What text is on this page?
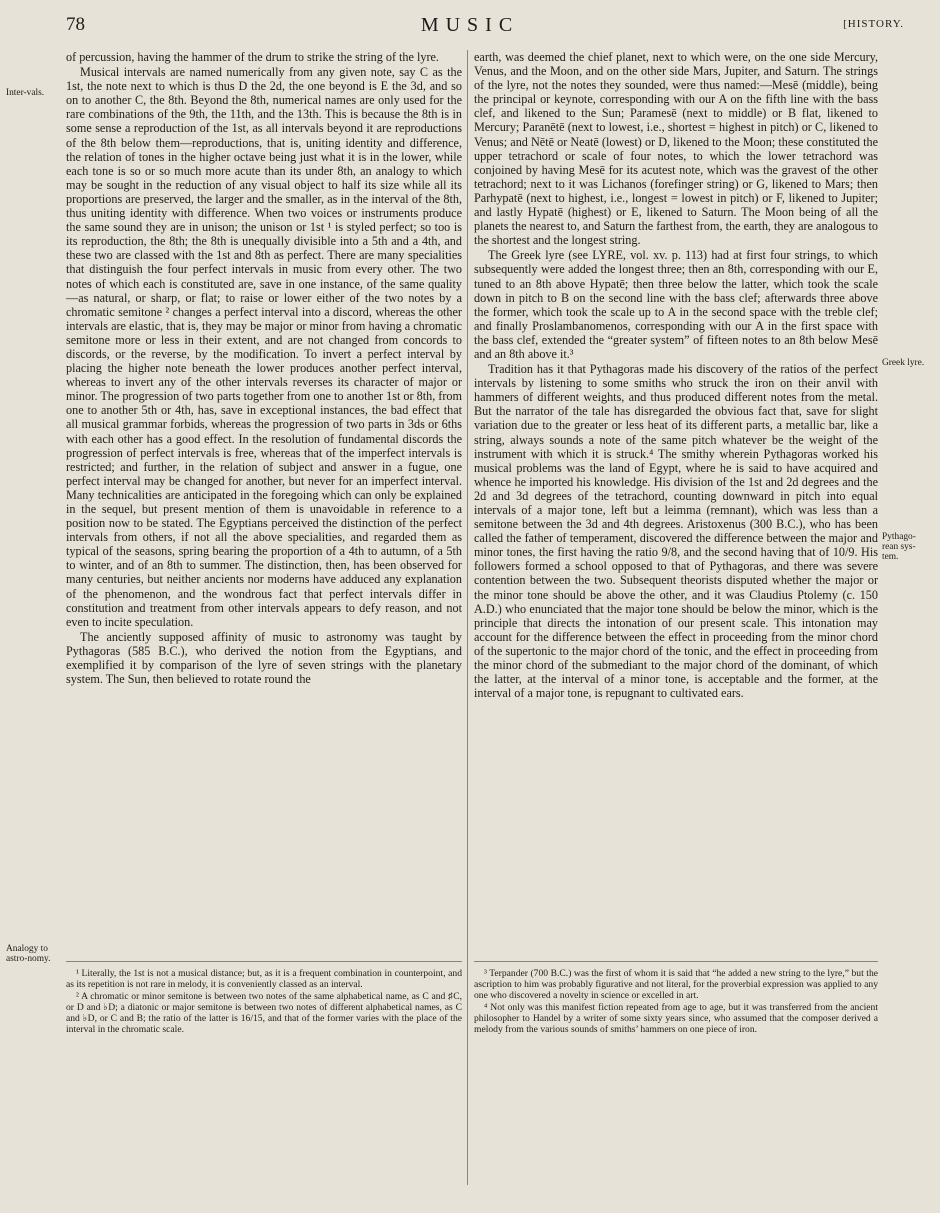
78	MUSIC	[HISTORY.
Inter-vals.
Analogy to astro-nomy.
Greek lyre.
Pythago-rean sys-tem.

of percussion, having the hammer of the drum to strike the string of the lyre.

Musical intervals are named numerically from any given note, say C as the 1st, the note next to which is thus D the 2d, the one beyond is E the 3d, and so on to another C, the 8th. Beyond the 8th, numerical names are only used for the rare combinations of the 9th, the 11th, and the 13th. This is because the 8th is in some sense a reproduction of the 1st, as all intervals beyond it are reproductions of the 8th below them—reproductions, that is, uniting identity and difference, the relation of tones in the higher octave being just what it is in the lower, while each tone is so or so much more acute than its under 8th, an analogy to which may be sought in the reduction of any visual object to half its size while all its proportions are preserved, the larger and the smaller, as in the interval of the 8th, thus uniting identity with difference. When two voices or instruments produce the same sound they are in unison; the unison or 1st ¹ is styled perfect; so too is its reproduction, the 8th; the 8th is unequally divisible into a 5th and a 4th, and these two are classed with the 1st and 8th as perfect. There are many specialities that distinguish the four perfect intervals in music from every other. The two notes of which each is constituted are, save in one instance, of the same quality—as natural, or sharp, or flat; to raise or lower either of the two notes by a chromatic semitone ² changes a perfect interval into a discord, whereas the other intervals are elastic, that is, they may be major or minor from having a chromatic semitone more or less in their extent, and are not changed from concords to discords, or the reverse, by the modification. To invert a perfect interval by placing the higher note beneath the lower produces another perfect interval, whereas to invert any of the other intervals reverses its character of major or minor. The progression of two parts together from one to another 1st or 8th, from one to another 5th or 4th, has, save in exceptional instances, the bad effect that all musical grammar forbids, whereas the progression of two parts in 3ds or 6ths with each other has a good effect. In the resolution of fundamental discords the progression of perfect intervals is free, whereas that of the imperfect intervals is restricted; and further, in the relation of subject and answer in a fugue, one perfect interval may be changed for another, but never for an imperfect interval. Many technicalities are anticipated in the foregoing which can only be explained in the sequel, but present mention of them is unavoidable in reference to a position now to be stated. The Egyptians perceived the distinction of the perfect intervals from others, if not all the above specialities, and regarded them as typical of the seasons, spring bearing the proportion of a 4th to autumn, of a 5th to winter, and of an 8th to summer. The distinction, then, has been observed for many centuries, but neither ancients nor moderns have adduced any explanation of the phenomenon, and the wondrous fact that perfect intervals differ in constitution and treatment from other intervals appears to defy reason, and not even to incite speculation.

The anciently supposed affinity of music to astronomy was taught by Pythagoras (585 B.C.), who derived the notion from the Egyptians, and exemplified it by comparison of the lyre of seven strings with the planetary system. The Sun, then believed to rotate round the

¹ Literally, the 1st is not a musical distance; but, as it is a frequent combination in counterpoint, and as its repetition is not rare in melody, it is conveniently classed as an interval.

² A chromatic or minor semitone is between two notes of the same alphabetical name, as C and ♯C, or D and ♭D; a diatonic or major semitone is between two notes of different alphabetical names, as C and ♭D, or C and B; the ratio of the latter is 16/15, and that of the former varies with the place of the interval in the chromatic scale.

earth, was deemed the chief planet, next to which were, on the one side Mercury, Venus, and the Moon, and on the other side Mars, Jupiter, and Saturn. The strings of the lyre, not the notes they sounded, were thus named:—Mesē (middle), being the principal or keynote, corresponding with our A on the fifth line with the bass clef, and likened to the Sun; Paramesē (next to middle) or B flat, likened to Mercury; Paranētē (next to lowest, i.e., shortest = highest in pitch) or C, likened to Venus; and Nētē or Neatē (lowest) or D, likened to the Moon; these constituted the upper tetrachord or scale of four notes, to which the lower tetrachord was conjoined by having Mesē for its acutest note, which was the gravest of the other tetrachord; next to it was Lichanos (forefinger string) or G, likened to Mars; then Parhypatē (next to highest, i.e., longest = lowest in pitch) or F, likened to Jupiter; and lastly Hypatē (highest) or E, likened to Saturn. The Moon being of all the planets the nearest to, and Saturn the farthest from, the earth, they are analogous to the shortest and the longest string.

The Greek lyre (see LYRE, vol. xv. p. 113) had at first four strings, to which subsequently were added the longest three; then an 8th, corresponding with our E, tuned to an 8th above Hypatē; then three below the latter, which took the scale down in pitch to B on the second line with the bass clef; afterwards three above the former, which took the scale up to A in the second space with the treble clef; and finally Proslambanomenos, corresponding with our A in the first space with the bass clef, extended the “greater system” of fifteen notes to an 8th below Mesē and an 8th above it.³

Tradition has it that Pythagoras made his discovery of the ratios of the perfect intervals by listening to some smiths who struck the iron on their anvil with hammers of different weights, and thus produced different notes from the metal. But the narrator of the tale has disregarded the obvious fact that, save for slight variation due to the greater or less heat of its different parts, a metallic bar, like a string, always sounds a note of the same pitch whatever be the weight of the instrument with which it is struck.⁴ The smithy wherein Pythagoras worked his musical problems was the land of Egypt, where he is said to have acquired and whence he imported his knowledge. His division of the 1st and 2d degrees and the 2d and 3d degrees of the tetrachord, counting downward in pitch into equal intervals of a major tone, left but a leimma (remnant), which was less than a semitone between the 3d and 4th degrees. Aristoxenus (300 B.C.), who has been called the father of temperament, discovered the difference between the major and minor tones, the first having the ratio 9/8, and the second having that of 10/9. His followers formed a school opposed to that of Pythagoras, and there was severe contention between the two. Subsequent theorists disputed whether the major or the minor tone should be above the other, and it was Claudius Ptolemy (c. 150 A.D.) who enunciated that the major tone should be below the minor, which is the principle that directs the intonation of our present scale. This intonation may account for the difference between the effect in proceeding from the minor chord of the supertonic to the major chord of the tonic, and the effect in proceeding from the minor chord of the submediant to the major chord of the dominant, of which the latter, at the interval of a minor tone, is acceptable and the former, at the interval of a major tone, is repugnant to cultivated ears.

³ Terpander (700 B.C.) was the first of whom it is said that “he added a new string to the lyre,” but the ascription to him was probably figurative and not literal, for the proverbial expression was applied to any one who discovered a novelty in science or excelled in art.

⁴ Not only was this manifest fiction repeated from age to age, but it was transferred from the ancient philosopher to Handel by a writer of some sixty years since, who assumed that the composer derived a melody from the various sounds of smiths’ hammers on one piece of iron.
